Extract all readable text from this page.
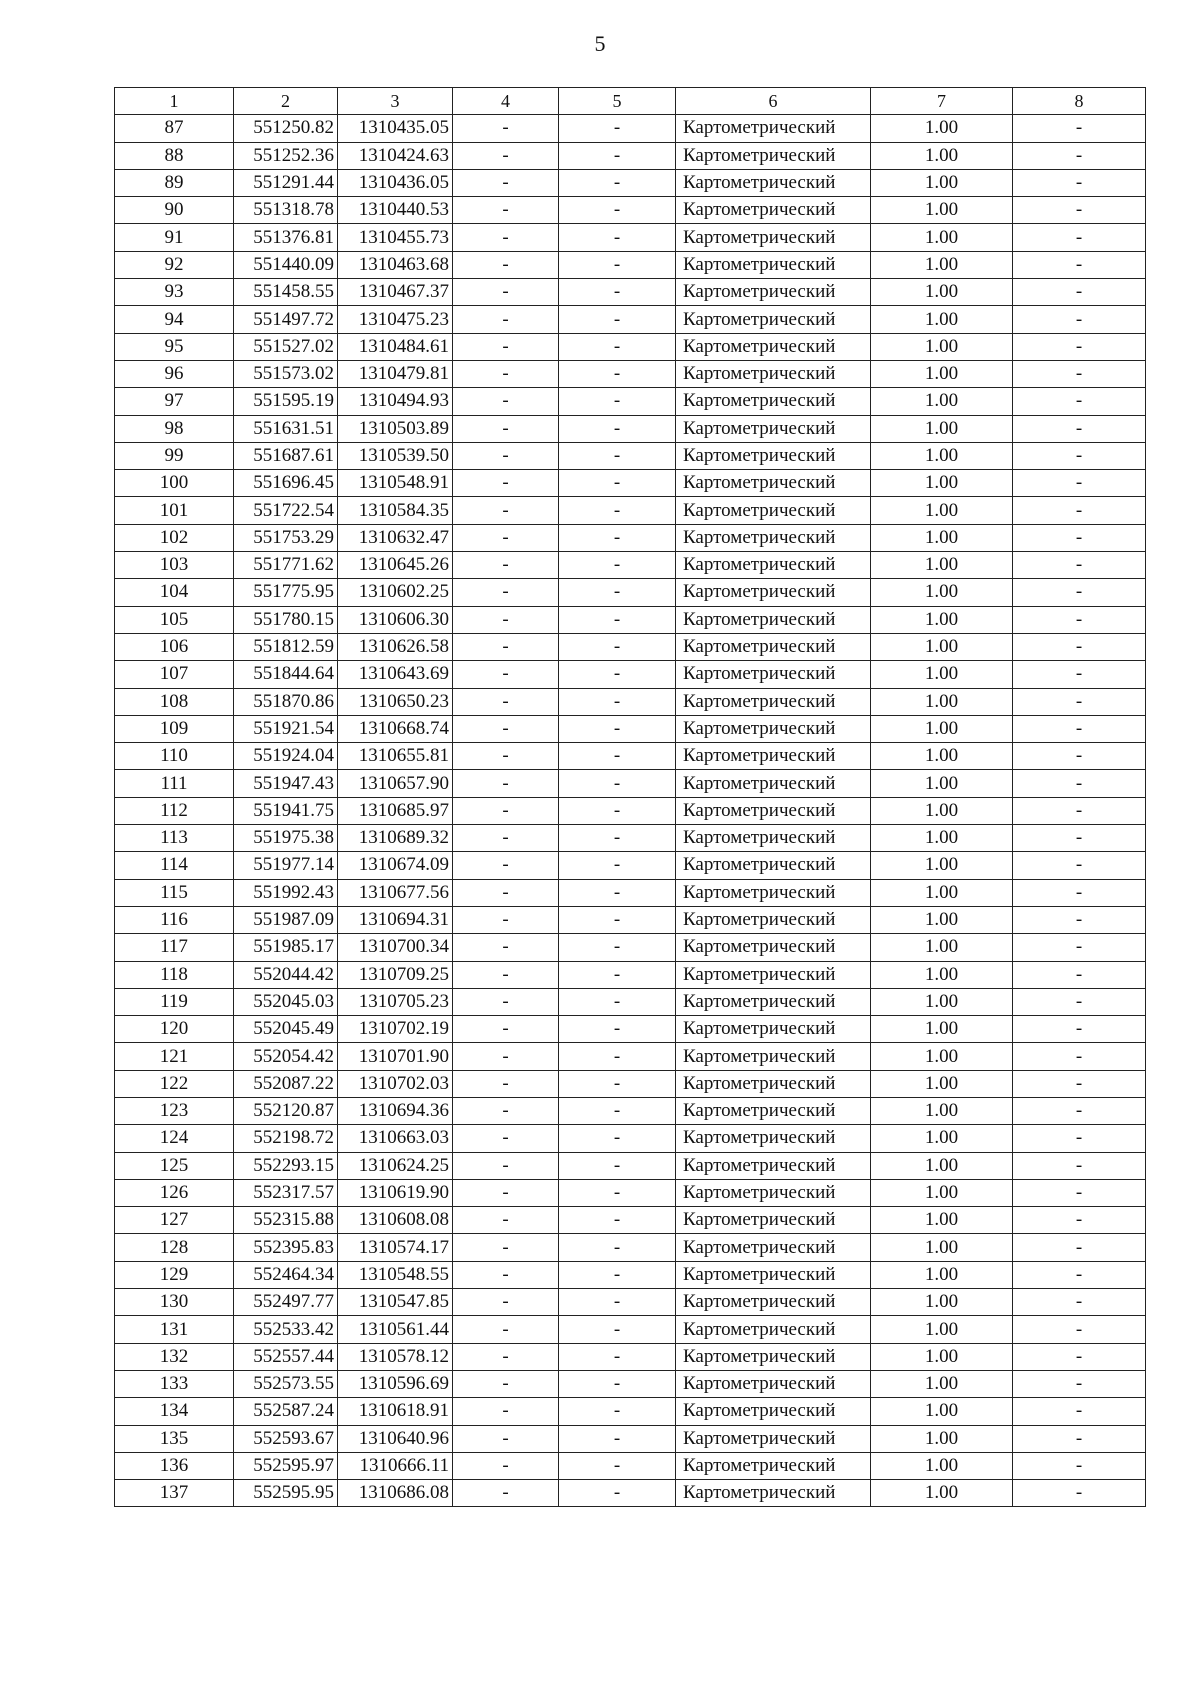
5
1	2	3	4	5	6	7	8
87	551250.82	1310435.05	-	-	Картометрический	1.00	-
88	551252.36	1310424.63	-	-	Картометрический	1.00	-
89	551291.44	1310436.05	-	-	Картометрический	1.00	-
90	551318.78	1310440.53	-	-	Картометрический	1.00	-
91	551376.81	1310455.73	-	-	Картометрический	1.00	-
92	551440.09	1310463.68	-	-	Картометрический	1.00	-
93	551458.55	1310467.37	-	-	Картометрический	1.00	-
94	551497.72	1310475.23	-	-	Картометрический	1.00	-
95	551527.02	1310484.61	-	-	Картометрический	1.00	-
96	551573.02	1310479.81	-	-	Картометрический	1.00	-
97	551595.19	1310494.93	-	-	Картометрический	1.00	-
98	551631.51	1310503.89	-	-	Картометрический	1.00	-
99	551687.61	1310539.50	-	-	Картометрический	1.00	-
100	551696.45	1310548.91	-	-	Картометрический	1.00	-
101	551722.54	1310584.35	-	-	Картометрический	1.00	-
102	551753.29	1310632.47	-	-	Картометрический	1.00	-
103	551771.62	1310645.26	-	-	Картометрический	1.00	-
104	551775.95	1310602.25	-	-	Картометрический	1.00	-
105	551780.15	1310606.30	-	-	Картометрический	1.00	-
106	551812.59	1310626.58	-	-	Картометрический	1.00	-
107	551844.64	1310643.69	-	-	Картометрический	1.00	-
108	551870.86	1310650.23	-	-	Картометрический	1.00	-
109	551921.54	1310668.74	-	-	Картометрический	1.00	-
110	551924.04	1310655.81	-	-	Картометрический	1.00	-
111	551947.43	1310657.90	-	-	Картометрический	1.00	-
112	551941.75	1310685.97	-	-	Картометрический	1.00	-
113	551975.38	1310689.32	-	-	Картометрический	1.00	-
114	551977.14	1310674.09	-	-	Картометрический	1.00	-
115	551992.43	1310677.56	-	-	Картометрический	1.00	-
116	551987.09	1310694.31	-	-	Картометрический	1.00	-
117	551985.17	1310700.34	-	-	Картометрический	1.00	-
118	552044.42	1310709.25	-	-	Картометрический	1.00	-
119	552045.03	1310705.23	-	-	Картометрический	1.00	-
120	552045.49	1310702.19	-	-	Картометрический	1.00	-
121	552054.42	1310701.90	-	-	Картометрический	1.00	-
122	552087.22	1310702.03	-	-	Картометрический	1.00	-
123	552120.87	1310694.36	-	-	Картометрический	1.00	-
124	552198.72	1310663.03	-	-	Картометрический	1.00	-
125	552293.15	1310624.25	-	-	Картометрический	1.00	-
126	552317.57	1310619.90	-	-	Картометрический	1.00	-
127	552315.88	1310608.08	-	-	Картометрический	1.00	-
128	552395.83	1310574.17	-	-	Картометрический	1.00	-
129	552464.34	1310548.55	-	-	Картометрический	1.00	-
130	552497.77	1310547.85	-	-	Картометрический	1.00	-
131	552533.42	1310561.44	-	-	Картометрический	1.00	-
132	552557.44	1310578.12	-	-	Картометрический	1.00	-
133	552573.55	1310596.69	-	-	Картометрический	1.00	-
134	552587.24	1310618.91	-	-	Картометрический	1.00	-
135	552593.67	1310640.96	-	-	Картометрический	1.00	-
136	552595.97	1310666.11	-	-	Картометрический	1.00	-
137	552595.95	1310686.08	-	-	Картометрический	1.00	-
